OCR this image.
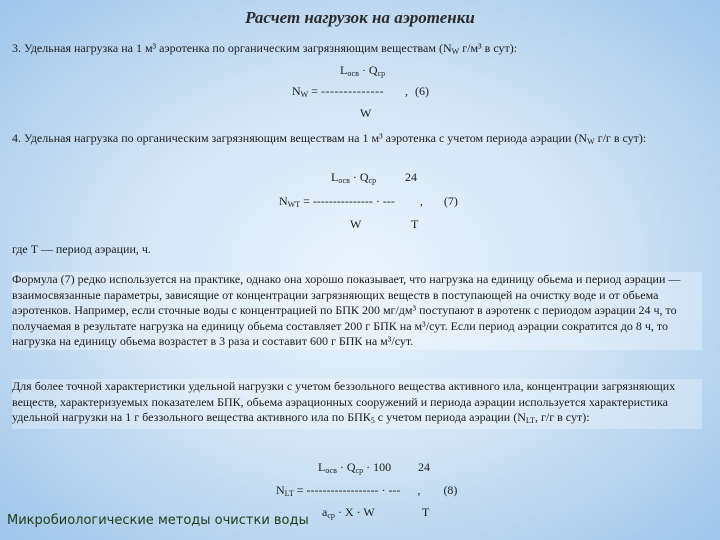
Расчет нагрузок на аэротенки
3. Удельная нагрузка на 1 м³ аэротенка по органическим загрязняющим веществам ($N_W$ г/м³ в сут):
$L_{осв} \cdot Q_{ср}$
$N_W$ = -------------- , (6)
W
4. Удельная нагрузка по органическим загрязняющим веществам на 1 м³ аэротенка с учетом периода аэрации ($N_W$ г/г в сут):
$L_{осв} \cdot Q_{ср}$ 24
$N_{WT}$ = --------------- · --- , (7)
W	T
где T — период аэрации, ч.
Формула (7) редко используется на практике, однако она хорошо показывает, что нагрузка на единицу обьема и период аэрации — взаимосвязанные параметры, зависящие от концентрации загрязняющих веществ в поступающей на очистку воде и от обьема аэротенков. Например, если сточные воды с концентрацией по БПК 200 мг/дм³ поступают в аэротенк с периодом аэрации 24 ч, то получаемая в результате нагрузка на единицу обьема составляет 200 г БПК на м³/сут. Если период аэрации сократится до 8 ч, то нагрузка на единицу обьема возрастет в 3 раза и составит 600 г БПК на м³/сут.
Для более точной характеристики удельной нагрузки с учетом беззольного вещества активного ила, концентрации загрязняющих веществ, характеризуемых показателем БПК, обьема аэрационных сооружений и периода аэрации используется характеристика удельной нагрузки на 1 г беззольного вещества активного ила по $БПК_5$ с учетом периода аэрации ($N_{LT}$, г/г в сут):
$L_{осв} \cdot Q_{ср} \cdot 100$ 24
$N_{LT}$ = ------------------ · --- , (8)
$a_{ср} \cdot X \cdot W$	T
Микробиологические методы очистки воды
